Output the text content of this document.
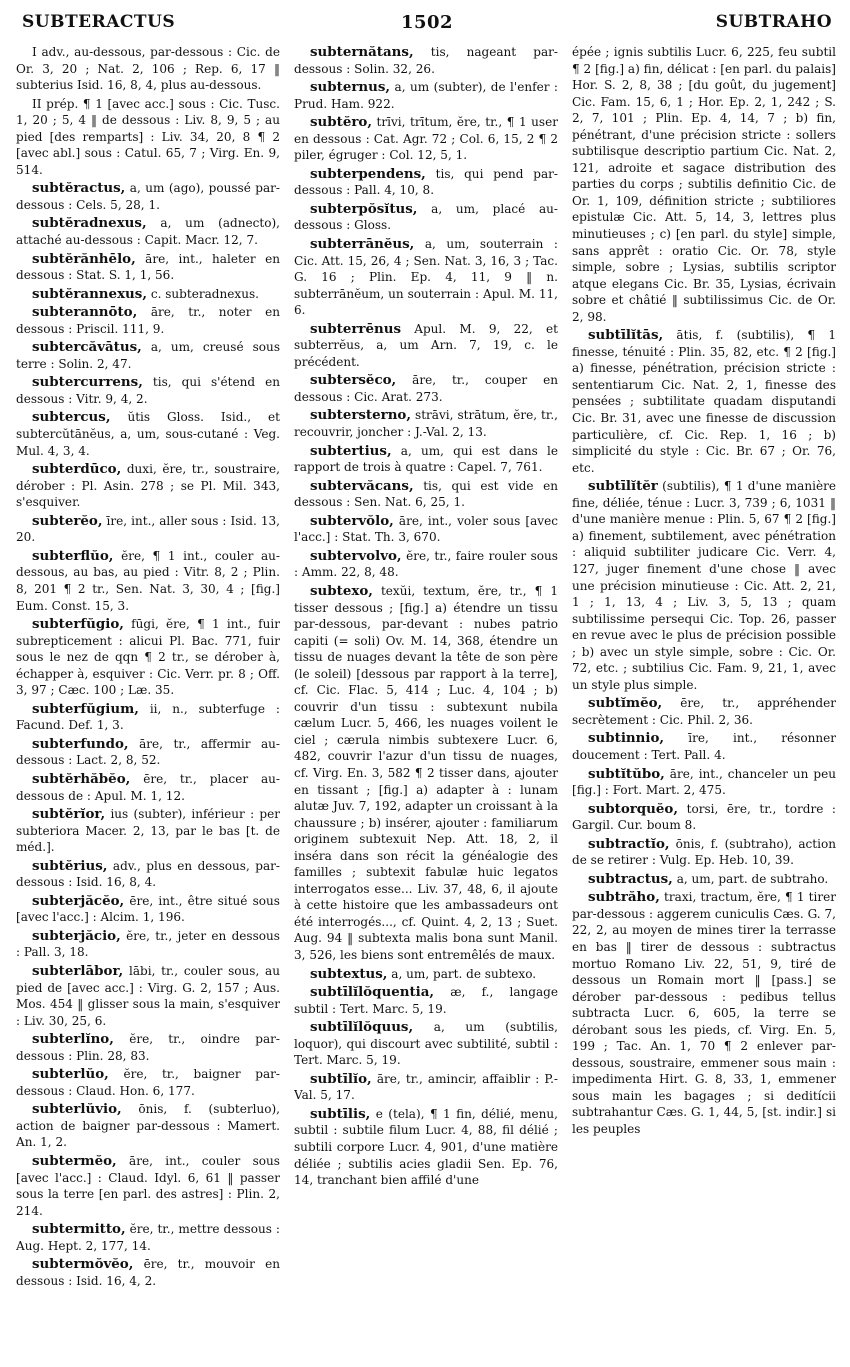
SUBTERACTUS	1502	SUBTRAHO

I adv., au-dessous, par-dessous : Cic. de Or. 3, 20 ; Nat. 2, 106 ; Rep. 6, 17 ‖ subterius Isid. 16, 8, 4, plus au-dessous.

II prép. ¶ 1 [avec acc.] sous : Cic. Tusc. 1, 20 ; 5, 4 ‖ de dessous : Liv. 8, 9, 5 ; au pied [des remparts] : Liv. 34, 20, 8 ¶ 2 [avec abl.] sous : Catul. 65, 7 ; Virg. En. 9, 514.

subtĕractus, a, um (ago), poussé par-dessous : Cels. 5, 28, 1.

subtĕradnexus, a, um (adnecto), attaché au-dessous : Capit. Macr. 12, 7.

subtĕrănhēlo, āre, int., haleter en dessous : Stat. S. 1, 1, 56.

subtĕrannexus, c. subteradnexus.

subterannōto, āre, tr., noter en dessous : Priscil. 111, 9.

subtercăvātus, a, um, creusé sous terre : Solin. 2, 47.

subtercurrens, tis, qui s'étend en dessous : Vitr. 9, 4, 2.

subtercus, ŭtis Gloss. Isid., et subtercŭtānĕus, a, um, sous-cutané : Veg. Mul. 4, 3, 4.

subterdūco, duxi, ĕre, tr., soustraire, dérober : Pl. Asin. 278 ; se Pl. Mil. 343, s'esquiver.

subterĕo, īre, int., aller sous : Isid. 13, 20.

subterflŭo, ĕre, ¶ 1 int., couler au-dessous, au bas, au pied : Vitr. 8, 2 ; Plin. 8, 201 ¶ 2 tr., Sen. Nat. 3, 30, 4 ; [fig.] Eum. Const. 15, 3.

subterfŭgio, fūgi, ĕre, ¶ 1 int., fuir subrepticement : alicui Pl. Bac. 771, fuir sous le nez de qqn ¶ 2 tr., se dérober à, échapper à, esquiver : Cic. Verr. pr. 8 ; Off. 3, 97 ; Cæc. 100 ; Læ. 35.

subterfŭgium, ii, n., subterfuge : Facund. Def. 1, 3.

subterfundo, āre, tr., affermir au-dessous : Lact. 2, 8, 52.

subtĕrhăbĕo, ēre, tr., placer au-dessous de : Apul. M. 1, 12.

subtĕrĭor, ius (subter), inférieur : per subteriora Macer. 2, 13, par le bas [t. de méd.].

subtĕrius, adv., plus en dessous, par-dessous : Isid. 16, 8, 4.

subterjăcĕo, ēre, int., être situé sous [avec l'acc.] : Alcim. 1, 196.

subterjăcio, ĕre, tr., jeter en dessous : Pall. 3, 18.

subterlābor, lābi, tr., couler sous, au pied de [avec acc.] : Virg. G. 2, 157 ; Aus. Mos. 454 ‖ glisser sous la main, s'esquiver : Liv. 30, 25, 6.

subterlĭno, ĕre, tr., oindre par-dessous : Plin. 28, 83.

subterlŭo, ĕre, tr., baigner par-dessous : Claud. Hon. 6, 177.

subterlŭvio, ōnis, f. (subterluo), action de baigner par-dessous : Mamert. An. 1, 2.

subtermĕo, āre, int., couler sous [avec l'acc.] : Claud. Idyl. 6, 61 ‖ passer sous la terre [en parl. des astres] : Plin. 2, 214.

subtermitto, ĕre, tr., mettre dessous : Aug. Hept. 2, 177, 14.

subtermŏvĕo, ēre, tr., mouvoir en dessous : Isid. 16, 4, 2.

subternătans, tis, nageant par-dessous : Solin. 32, 26.

subternus, a, um (subter), de l'enfer : Prud. Ham. 922.

subtĕro, trīvi, trītum, ĕre, tr., ¶ 1 user en dessous : Cat. Agr. 72 ; Col. 6, 15, 2 ¶ 2 piler, égruger : Col. 12, 5, 1.

subterpendens, tis, qui pend par-dessous : Pall. 4, 10, 8.

subterpŏsĭtus, a, um, placé au-dessous : Gloss.

subterrānĕus, a, um, souterrain : Cic. Att. 15, 26, 4 ; Sen. Nat. 3, 16, 3 ; Tac. G. 16 ; Plin. Ep. 4, 11, 9 ‖ n. subterrānĕum, un souterrain : Apul. M. 11, 6.

subterrēnus Apul. M. 9, 22, et subterrĕus, a, um Arn. 7, 19, c. le précédent.

subtersĕco, āre, tr., couper en dessous : Cic. Arat. 273.

subtersterno, strāvi, strātum, ĕre, tr., recouvrir, joncher : J.-Val. 2, 13.

subtertius, a, um, qui est dans le rapport de trois à quatre : Capel. 7, 761.

subtervăcans, tis, qui est vide en dessous : Sen. Nat. 6, 25, 1.

subtervŏlo, āre, int., voler sous [avec l'acc.] : Stat. Th. 3, 670.

subtervolvo, ĕre, tr., faire rouler sous : Amm. 22, 8, 48.

subtexo, texŭi, textum, ĕre, tr., ¶ 1 tisser dessous ; [fig.] a) étendre un tissu par-dessous, par-devant : nubes patrio capiti (= soli) Ov. M. 14, 368, étendre un tissu de nuages devant la tête de son père (le soleil) [dessous par rapport à la terre], cf. Cic. Flac. 5, 414 ; Luc. 4, 104 ; b) couvrir d'un tissu : subtexunt nubila cælum Lucr. 5, 466, les nuages voilent le ciel ; cærula nimbis subtexere Lucr. 6, 482, couvrir l'azur d'un tissu de nuages, cf. Virg. En. 3, 582 ¶ 2 tisser dans, ajouter en tissant ; [fig.] a) adapter à : lunam alutæ Juv. 7, 192, adapter un croissant à la chaussure ; b) insérer, ajouter : familiarum originem subtexuit Nep. Att. 18, 2, il inséra dans son récit la généalogie des familles ; subtexit fabulæ huic legatos interrogatos esse... Liv. 37, 48, 6, il ajoute à cette histoire que les ambassadeurs ont été interrogés..., cf. Quint. 4, 2, 13 ; Suet. Aug. 94 ‖ subtexta malis bona sunt Manil. 3, 526, les biens sont entremêlés de maux.

subtextus, a, um, part. de subtexo.

subtīlĭlŏquentia, æ, f., langage subtil : Tert. Marc. 5, 19.

subtīlĭlŏquus, a, um (subtilis, loquor), qui discourt avec subtilité, subtil : Tert. Marc. 5, 19.

subtīlĭo, āre, tr., amincir, affaiblir : P.-Val. 5, 17.

subtīlis, e (tela), ¶ 1 fin, délié, menu, subtil : subtile filum Lucr. 4, 88, fil délié ; subtili corpore Lucr. 4, 901, d'une matière déliée ; subtilis acies gladii Sen. Ep. 76, 14, tranchant bien affilé d'une

épée ; ignis subtilis Lucr. 6, 225, feu subtil ¶ 2 [fig.] a) fin, délicat : [en parl. du palais] Hor. S. 2, 8, 38 ; [du goût, du jugement] Cic. Fam. 15, 6, 1 ; Hor. Ep. 2, 1, 242 ; S. 2, 7, 101 ; Plin. Ep. 4, 14, 7 ; b) fin, pénétrant, d'une précision stricte : sollers subtilisque descriptio partium Cic. Nat. 2, 121, adroite et sagace distribution des parties du corps ; subtilis definitio Cic. de Or. 1, 109, définition stricte ; subtiliores epistulæ Cic. Att. 5, 14, 3, lettres plus minutieuses ; c) [en parl. du style] simple, sans apprêt : oratio Cic. Or. 78, style simple, sobre ; Lysias, subtilis scriptor atque elegans Cic. Br. 35, Lysias, écrivain sobre et châtié ‖ subtilissimus Cic. de Or. 2, 98.

subtīlĭtās, ātis, f. (subtilis), ¶ 1 finesse, ténuité : Plin. 35, 82, etc. ¶ 2 [fig.] a) finesse, pénétration, précision stricte : sententiarum Cic. Nat. 2, 1, finesse des pensées ; subtilitate quadam disputandi Cic. Br. 31, avec une finesse de discussion particulière, cf. Cic. Rep. 1, 16 ; b) simplicité du style : Cic. Br. 67 ; Or. 76, etc.

subtīlĭtĕr (subtilis), ¶ 1 d'une manière fine, déliée, ténue : Lucr. 3, 739 ; 6, 1031 ‖ d'une manière menue : Plin. 5, 67 ¶ 2 [fig.] a) finement, subtilement, avec pénétration : aliquid subtiliter judicare Cic. Verr. 4, 127, juger finement d'une chose ‖ avec une précision minutieuse : Cic. Att. 2, 21, 1 ; 1, 13, 4 ; Liv. 3, 5, 13 ; quam subtilissime persequi Cic. Top. 26, passer en revue avec le plus de précision possible ; b) avec un style simple, sobre : Cic. Or. 72, etc. ; subtilius Cic. Fam. 9, 21, 1, avec un style plus simple.

subtĭmĕo, ēre, tr., appréhender secrètement : Cic. Phil. 2, 36.

subtinnio, īre, int., résonner doucement : Tert. Pall. 4.

subtĭtŭbo, āre, int., chanceler un peu [fig.] : Fort. Mart. 2, 475.

subtorquĕo, torsi, ēre, tr., tordre : Gargil. Cur. boum 8.

subtractĭo, ōnis, f. (subtraho), action de se retirer : Vulg. Ep. Heb. 10, 39.

subtractus, a, um, part. de subtraho.

subtrăho, traxi, tractum, ĕre, ¶ 1 tirer par-dessous : aggerem cuniculis Cæs. G. 7, 22, 2, au moyen de mines tirer la terrasse en bas ‖ tirer de dessous : subtractus mortuo Romano Liv. 22, 51, 9, tiré de dessous un Romain mort ‖ [pass.] se dérober par-dessous : pedibus tellus subtracta Lucr. 6, 605, la terre se dérobant sous les pieds, cf. Virg. En. 5, 199 ; Tac. An. 1, 70 ¶ 2 enlever par-dessous, soustraire, emmener sous main : impedimenta Hirt. G. 8, 33, 1, emmener sous main les bagages ; si deditícii subtrahantur Cæs. G. 1, 44, 5, [st. indir.] si les peuples
